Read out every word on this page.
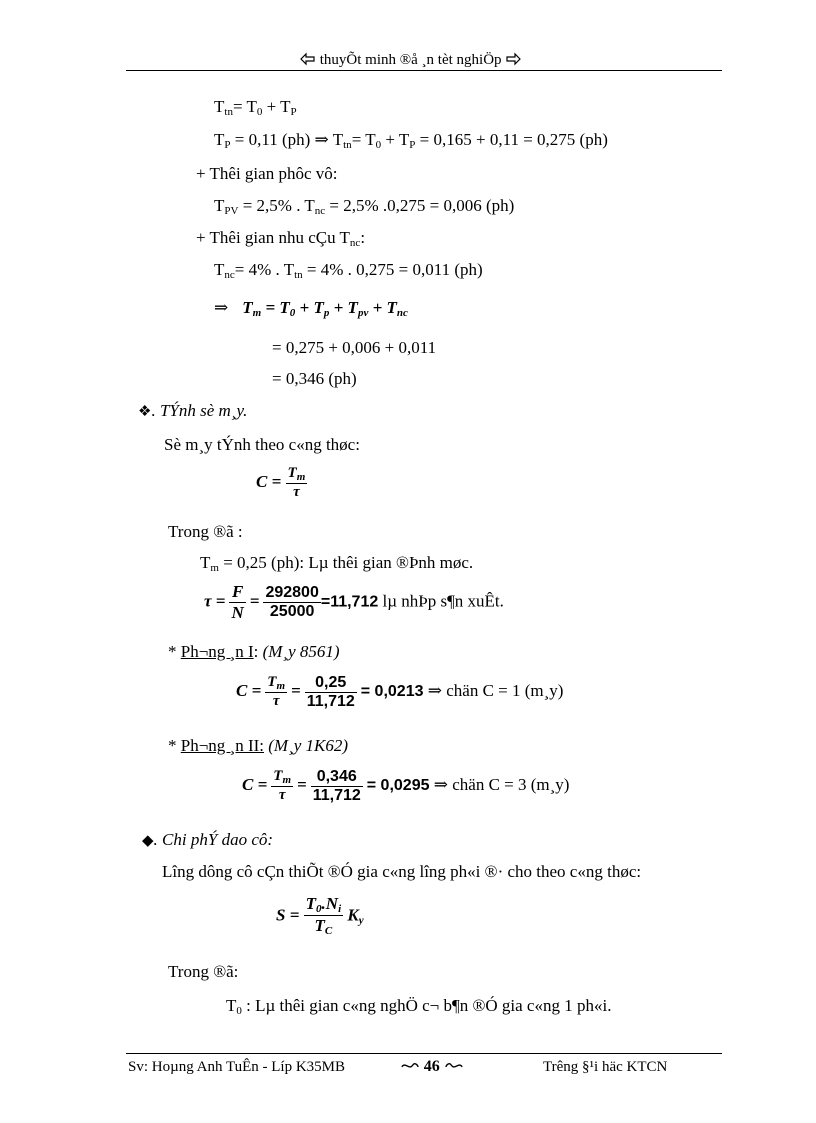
thuyÕt minh ®å ¸n tèt nghiÖp
$T_{tn}= T_0 + T_P$
$T_P = 0,11$ (ph) ⇒ $T_{tn}= T_0 + T_P = 0,165 + 0,11 = 0,275$ (ph)
+ Thêi gian phôc vô:
$T_{PV} = 2,5\%$ . $T_{nc} = 2,5\%$ .0,275 = 0,006 (ph)
+ Thêi gian nhu cÇu $T_{nc}$:
$T_{nc}= 4\%$ . $T_{tn} = 4\%$ . 0,275 = 0,011 (ph)
⇒ $T_m = T_0 + T_p + T_{pv} + T_{nc}$
= 0,275 + 0,006 + 0,011
= 0,346 (ph)
❖. TÝnh sè m¸y.
Sè m¸y tÝnh theo c«ng thøc:
$C = \frac{T_m}{\tau}$
Trong ®ã :
$T_m = 0,25$ (ph): Lµ thêi gian ®Þnh møc.
$\tau = \frac{F}{N} = \frac{292800}{25000} =11,712$ lµ nhÞp s¶n xuÊt.
* Ph¬ng ¸n I: (M¸y 8561)
$C = \frac{T_m}{\tau} = \frac{0,25}{11,712} = 0,0213$ ⇒ chän C = 1 (m¸y)
* Ph¬ng ¸n II: (M¸y 1K62)
$C = \frac{T_m}{\tau} = \frac{0,346}{11,712} = 0,0295$ ⇒ chän C = 3 (m¸y)
◆. Chi phÝ dao cô:
Lîng dông cô cÇn thiÕt ®Ó gia c«ng lîng ph«i ®· cho theo c«ng thøc:
$S = \frac{T_0.N_i}{T_C} K_y$
Trong ®ã:
$T_0$ : Lµ thêi gian c«ng nghÖ c¬ b¶n ®Ó gia c«ng 1 ph«i.
Sv: Hoµng Anh TuÊn - Líp K35MB	46	Trêng §¹i häc KTCN
